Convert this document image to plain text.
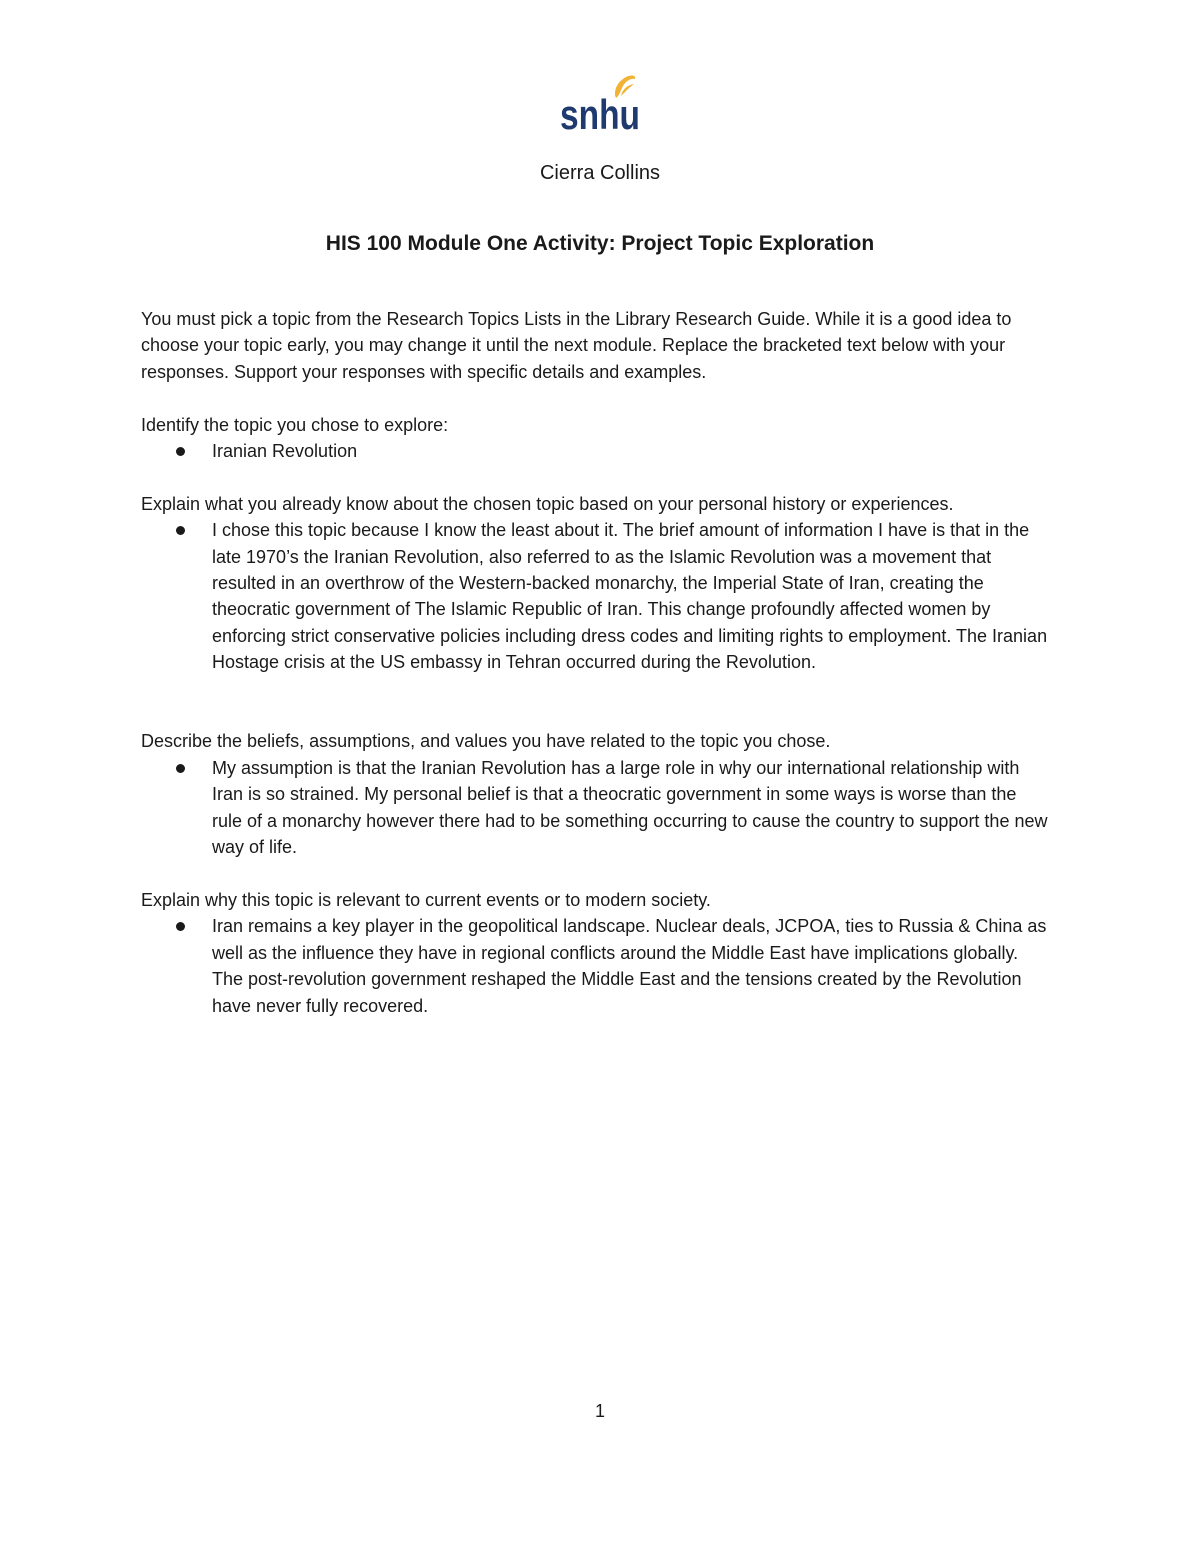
snhu
Cierra Collins
HIS 100 Module One Activity: Project Topic Exploration

You must pick a topic from the Research Topics Lists in the Library Research Guide. While it is a good idea to choose your topic early, you may change it until the next module. Replace the bracketed text below with your responses. Support your responses with specific details and examples.

Identify the topic you chose to explore:

Iranian Revolution

Explain what you already know about the chosen topic based on your personal history or experiences.

I chose this topic because I know the least about it. The brief amount of information I have is that in the late 1970’s the Iranian Revolution, also referred to as the Islamic Revolution was a movement that resulted in an overthrow of the Western-backed monarchy, the Imperial State of Iran, creating the theocratic government of The Islamic Republic of Iran. This change profoundly affected women by enforcing strict conservative policies including dress codes and limiting rights to employment. The Iranian Hostage crisis at the US embassy in Tehran occurred during the Revolution.

Describe the beliefs, assumptions, and values you have related to the topic you chose.

My assumption is that the Iranian Revolution has a large role in why our international relationship with Iran is so strained. My personal belief is that a theocratic government in some ways is worse than the rule of a monarchy however there had to be something occurring to cause the country to support the new way of life.

Explain why this topic is relevant to current events or to modern society.

Iran remains a key player in the geopolitical landscape. Nuclear deals, JCPOA, ties to Russia & China as well as the influence they have in regional conflicts around the Middle East have implications globally. The post-revolution government reshaped the Middle East and the tensions created by the Revolution have never fully recovered.
1
